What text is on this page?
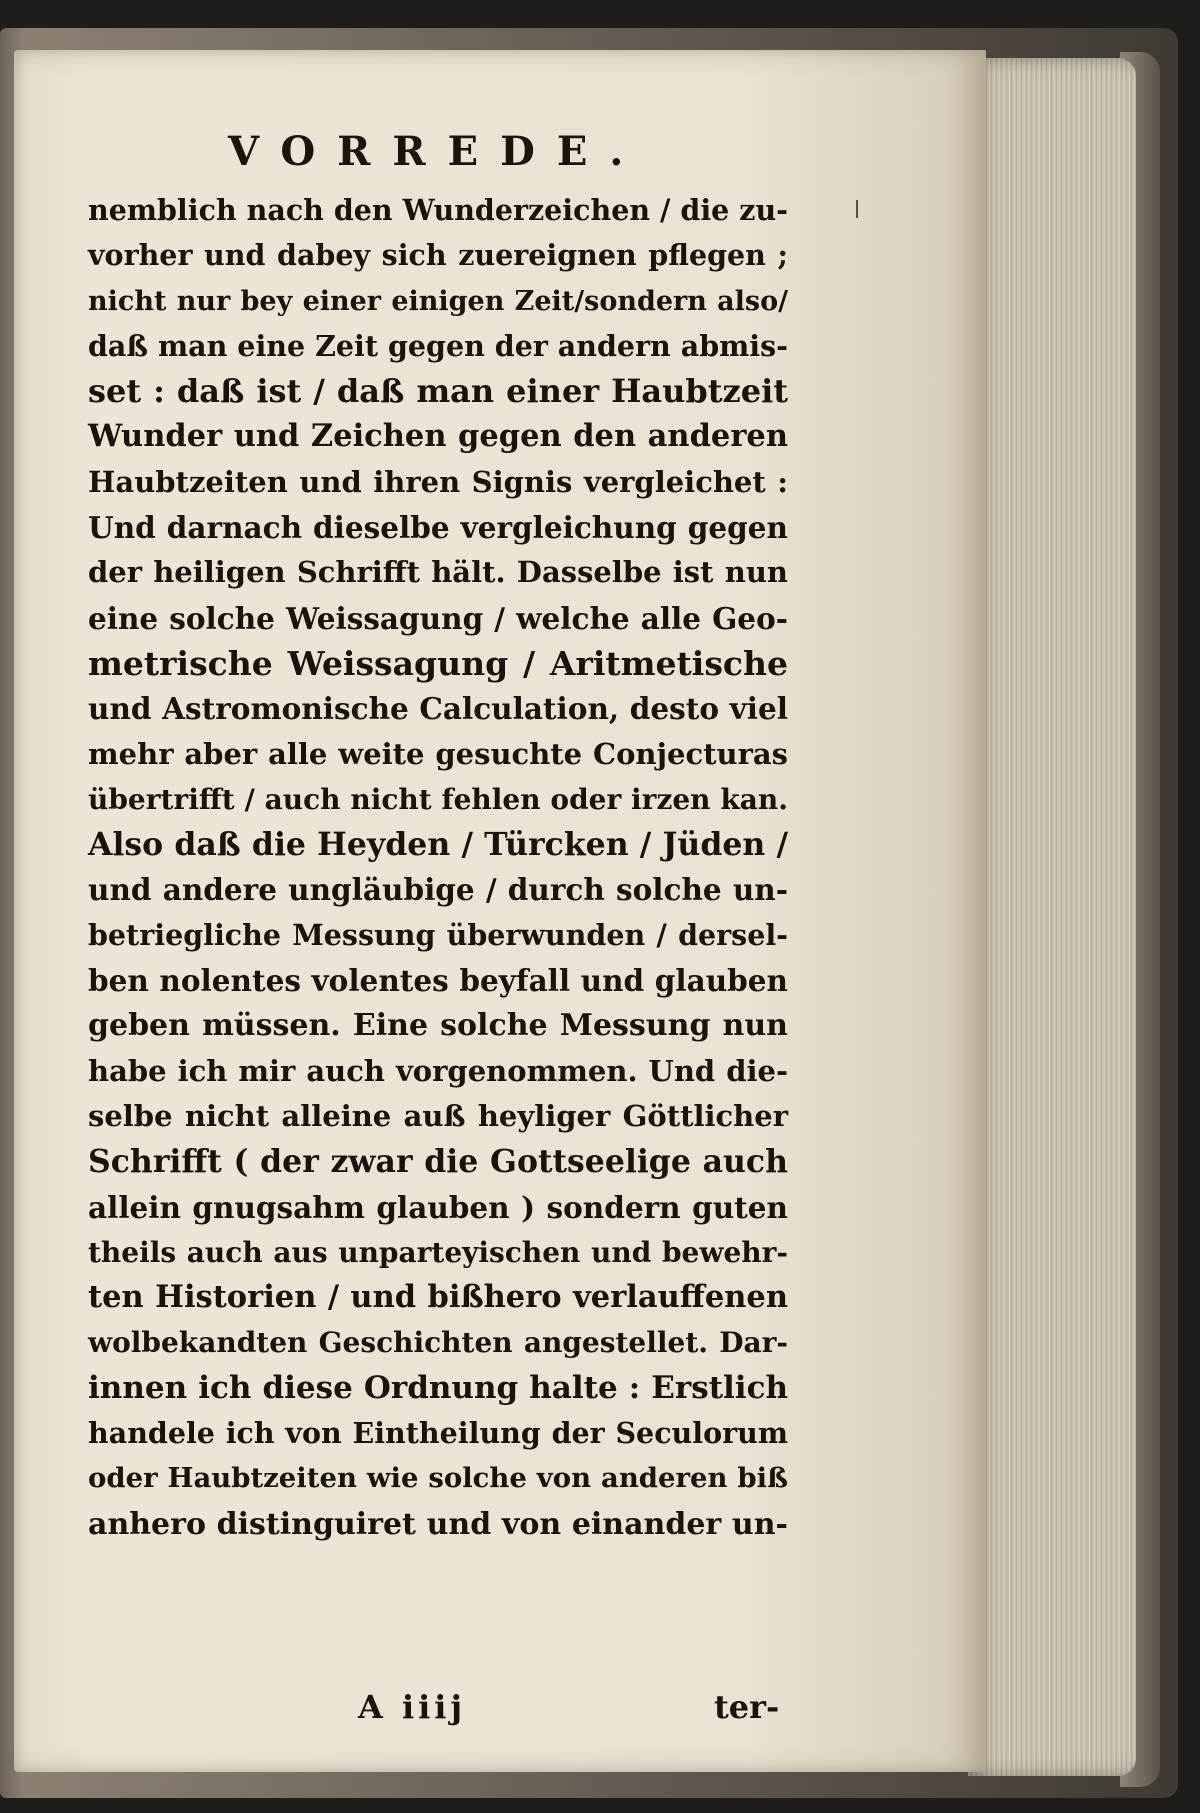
VORREDE.
nemblich nach den Wunderzeichen / die zu-
vorher und dabey sich zuereignen pflegen ;
nicht nur bey einer einigen Zeit/sondern also/
daß man eine Zeit gegen der andern abmis-
set : daß ist / daß man einer Haubtzeit
Wunder und Zeichen gegen den anderen
Haubtzeiten und ihren Signis vergleichet :
Und darnach dieselbe vergleichung gegen
der heiligen Schrifft hält. Dasselbe ist nun
eine solche Weissagung / welche alle Geo-
metrische Weissagung / Aritmetische
und Astromonische Calculation, desto viel
mehr aber alle weite gesuchte Conjecturas
übertrifft / auch nicht fehlen oder irzen kan.
Also daß die Heyden / Türcken / Jüden /
und andere ungläubige / durch solche un-
betriegliche Messung überwunden / dersel-
ben nolentes volentes beyfall und glauben
geben müssen. Eine solche Messung nun
habe ich mir auch vorgenommen. Und die-
selbe nicht alleine auß heyliger Göttlicher
Schrifft ( der zwar die Gottseelige auch
allein gnugsahm glauben ) sondern guten
theils auch aus unparteyischen und bewehr-
ten Historien / und bißhero verlauffenen
wolbekandten Geschichten angestellet. Dar-
innen ich diese Ordnung halte : Erstlich
handele ich von Eintheilung der Seculorum
oder Haubtzeiten wie solche von anderen biß
anhero distinguiret und von einander un-
A iiij	ter-
